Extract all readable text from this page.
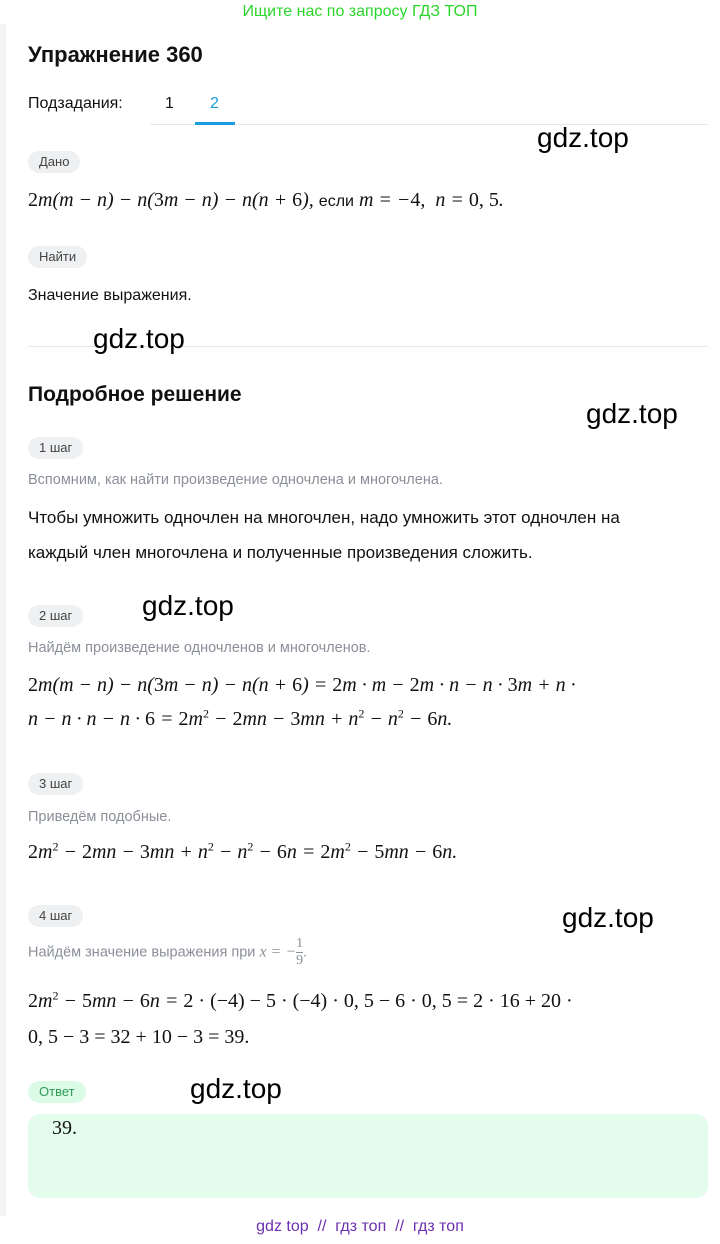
Ищите нас по запросу ГДЗ ТОП
Упражнение 360
Подзадания:	1 2
Дано
2m(m − n) − n(3m − n) − n(n + 6), если m = −4,  n = 0, 5.
Найти
Значение выражения.
Подробное решение
1 шаг
Вспомним, как найти произведение одночлена и многочлена.
Чтобы умножить одночлен на многочлен, надо умножить этот одночлен на
каждый член многочлена и полученные произведения сложить.
2 шаг
Найдём произведение одночленов и многочленов.
2m(m − n) − n(3m − n) − n(n + 6) = 2m · m − 2m · n − n · 3m + n ·
$n - n \cdot n - n \cdot 6 = 2m^2 - 2mn - 3mn + n^2 - n^2 - 6n$.
3 шаг
Приведём подобные.
$2m^2 - 2mn - 3mn + n^2 - n^2 - 6n = 2m^2 - 5mn - 6n$.
4 шаг
Найдём значение выражения при x = − $\frac{1}{9}$ .
$2m^2 - 5mn - 6n = 2 \cdot (-4) - 5 \cdot (-4) \cdot 0$, 5 − 6 · 0, 5 = 2 · 16 + 20 ·
0, 5 − 3 = 32 + 10 − 3 = 39.
Ответ
39.
gdz.top
gdz.top
gdz.top
gdz.top
gdz.top
gdz.top
gdz top  //  гдз топ  //  гдз топ
